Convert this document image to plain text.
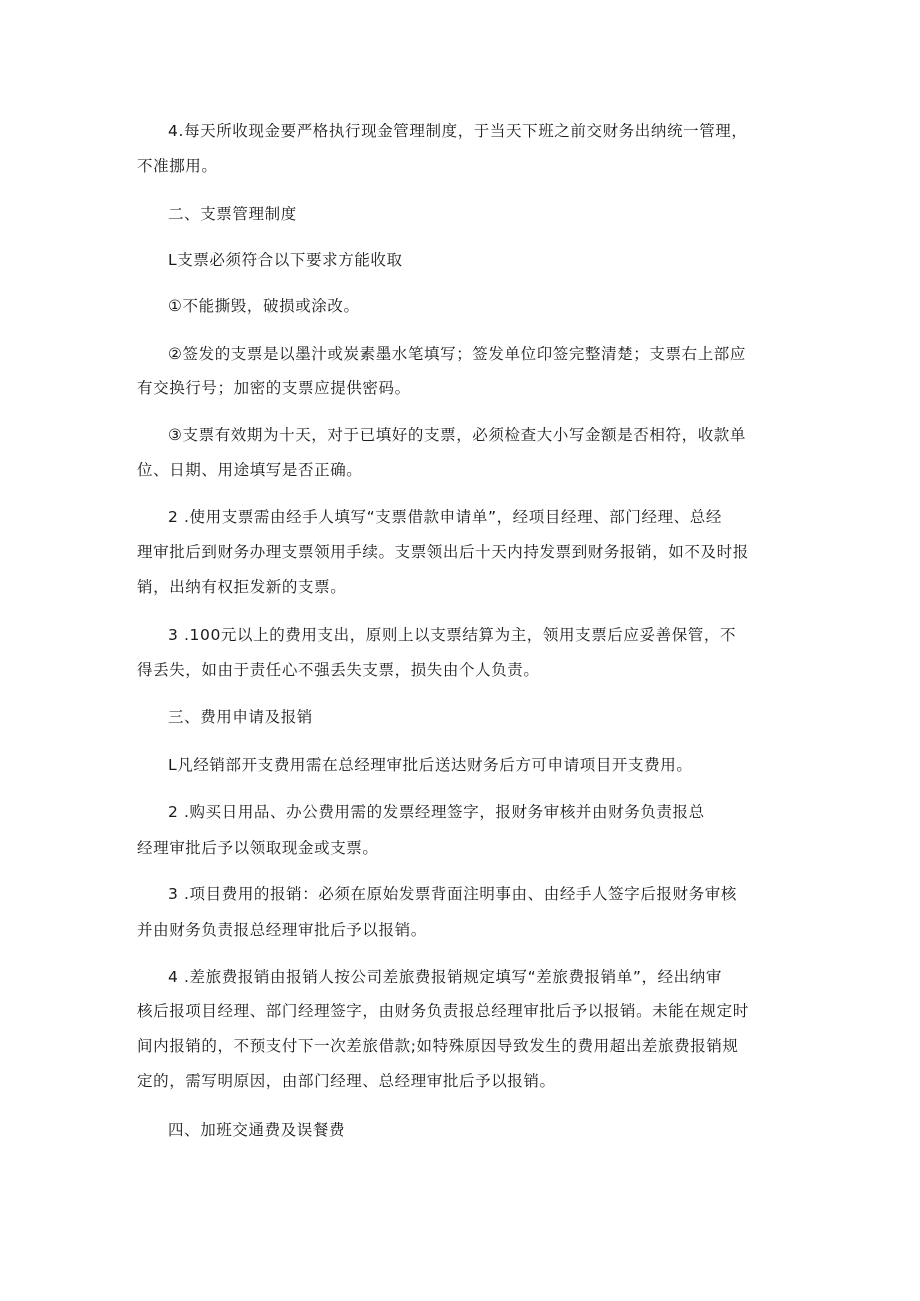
4.每天所收现金要严格执行现金管理制度，于当天下班之前交财务出纳统一管理，
不准挪用。
二、支票管理制度
L支票必须符合以下要求方能收取
①不能撕毁，破损或涂改。
②签发的支票是以墨汁或炭素墨水笔填写；签发单位印签完整清楚；支票右上部应
有交换行号；加密的支票应提供密码。
③支票有效期为十天，对于已填好的支票，必须检查大小写金额是否相符，收款单
位、日期、用途填写是否正确。
2 .使用支票需由经手人填写“支票借款申请单”，经项目经理、部门经理、总经
理审批后到财务办理支票领用手续。支票领出后十天内持发票到财务报销，如不及时报
销，出纳有权拒发新的支票。
3 .100元以上的费用支出，原则上以支票结算为主，领用支票后应妥善保管，不
得丢失，如由于责任心不强丢失支票，损失由个人负责。
三、费用申请及报销
L凡经销部开支费用需在总经理审批后送达财务后方可申请项目开支费用。
2 .购买日用品、办公费用需的发票经理签字，报财务审核并由财务负责报总
经理审批后予以领取现金或支票。
3 .项目费用的报销：必须在原始发票背面注明事由、由经手人签字后报财务审核
并由财务负责报总经理审批后予以报销。
4 .差旅费报销由报销人按公司差旅费报销规定填写“差旅费报销单”，经出纳审
核后报项目经理、部门经理签字，由财务负责报总经理审批后予以报销。未能在规定时
间内报销的，不预支付下一次差旅借款;如特殊原因导致发生的费用超出差旅费报销规
定的，需写明原因，由部门经理、总经理审批后予以报销。
四、加班交通费及误餐费
